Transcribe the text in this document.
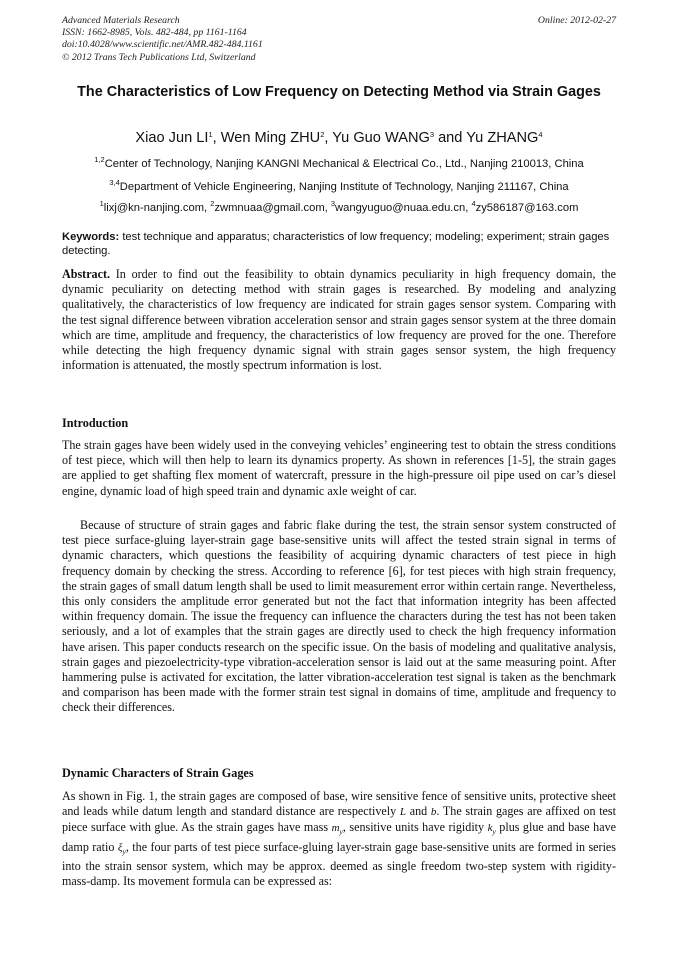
Advanced Materials Research
ISSN: 1662-8985, Vols. 482-484, pp 1161-1164
doi:10.4028/www.scientific.net/AMR.482-484.1161
© 2012 Trans Tech Publications Ltd, Switzerland
Online: 2012-02-27
The Characteristics of Low Frequency on Detecting Method via Strain Gages
Xiao Jun $LI^1$, Wen Ming ZHU$^2$, Yu Guo WANG$^3$ and Yu ZHANG$^4$
$^{1,2}$Center of Technology, Nanjing KANGNI Mechanical & Electrical Co., Ltd., Nanjing 210013, China
$^{3,4}$Department of Vehicle Engineering, Nanjing Institute of Technology, Nanjing 211167, China
$^1$lixj@kn-nanjing.com, $^2$zwmnuaa@gmail.com, $^3$wangyuguo@nuaa.edu.cn, $^4$zy586187@163.com
Keywords: test technique and apparatus; characteristics of low frequency; modeling; experiment; strain gages detecting.
Abstract. In order to find out the feasibility to obtain dynamics peculiarity in high frequency domain, the dynamic peculiarity on detecting method with strain gages is researched. By modeling and analyzing qualitatively, the characteristics of low frequency are indicated for strain gages sensor system. Comparing with the test signal difference between vibration acceleration sensor and strain gages sensor system at the three domain which are time, amplitude and frequency, the characteristics of low frequency are proved for the one. Therefore while detecting the high frequency dynamic signal with strain gages sensor system, the high frequency information is attenuated, the mostly spectrum information is lost.
Introduction
The strain gages have been widely used in the conveying vehicles’ engineering test to obtain the stress conditions of test piece, which will then help to learn its dynamics property. As shown in references [1-5], the strain gages are applied to get shafting flex moment of watercraft, pressure in the high-pressure oil pipe used on car’s diesel engine, dynamic load of high speed train and dynamic axle weight of car.
Because of structure of strain gages and fabric flake during the test, the strain sensor system constructed of test piece surface-gluing layer-strain gage base-sensitive units will affect the tested strain signal in terms of dynamic characters, which questions the feasibility of acquiring dynamic characters of test piece in high frequency domain by checking the stress. According to reference [6], for test pieces with high strain frequency, the strain gages of small datum length shall be used to limit measurement error within certain range. Nevertheless, this only considers the amplitude error generated but not the fact that information integrity has been affected within frequency domain. The issue the frequency can influence the characters during the test has not been taken seriously, and a lot of examples that the strain gages are directly used to check the high frequency information have arisen. This paper conducts research on the specific issue. On the basis of modeling and qualitative analysis, strain gages and piezoelectricity-type vibration-acceleration sensor is laid out at the same measuring point. After hammering pulse is activated for excitation, the latter vibration-acceleration test signal is taken as the benchmark and comparison has been made with the former strain test signal in domains of time, amplitude and frequency to check their differences.
Dynamic Characters of Strain Gages
As shown in Fig. 1, the strain gages are composed of base, wire sensitive fence of sensitive units, protective sheet and leads while datum length and standard distance are respectively L and b. The strain gages are affixed on test piece surface with glue. As the strain gages have mass $m_y$, sensitive units have rigidity $k_y$ plus glue and base have damp ratio $\xi_y$, the four parts of test piece surface-gluing layer-strain gage base-sensitive units are formed in series into the strain sensor system, which may be approx. deemed as single freedom two-step system with rigidity-mass-damp. Its movement formula can be expressed as:
